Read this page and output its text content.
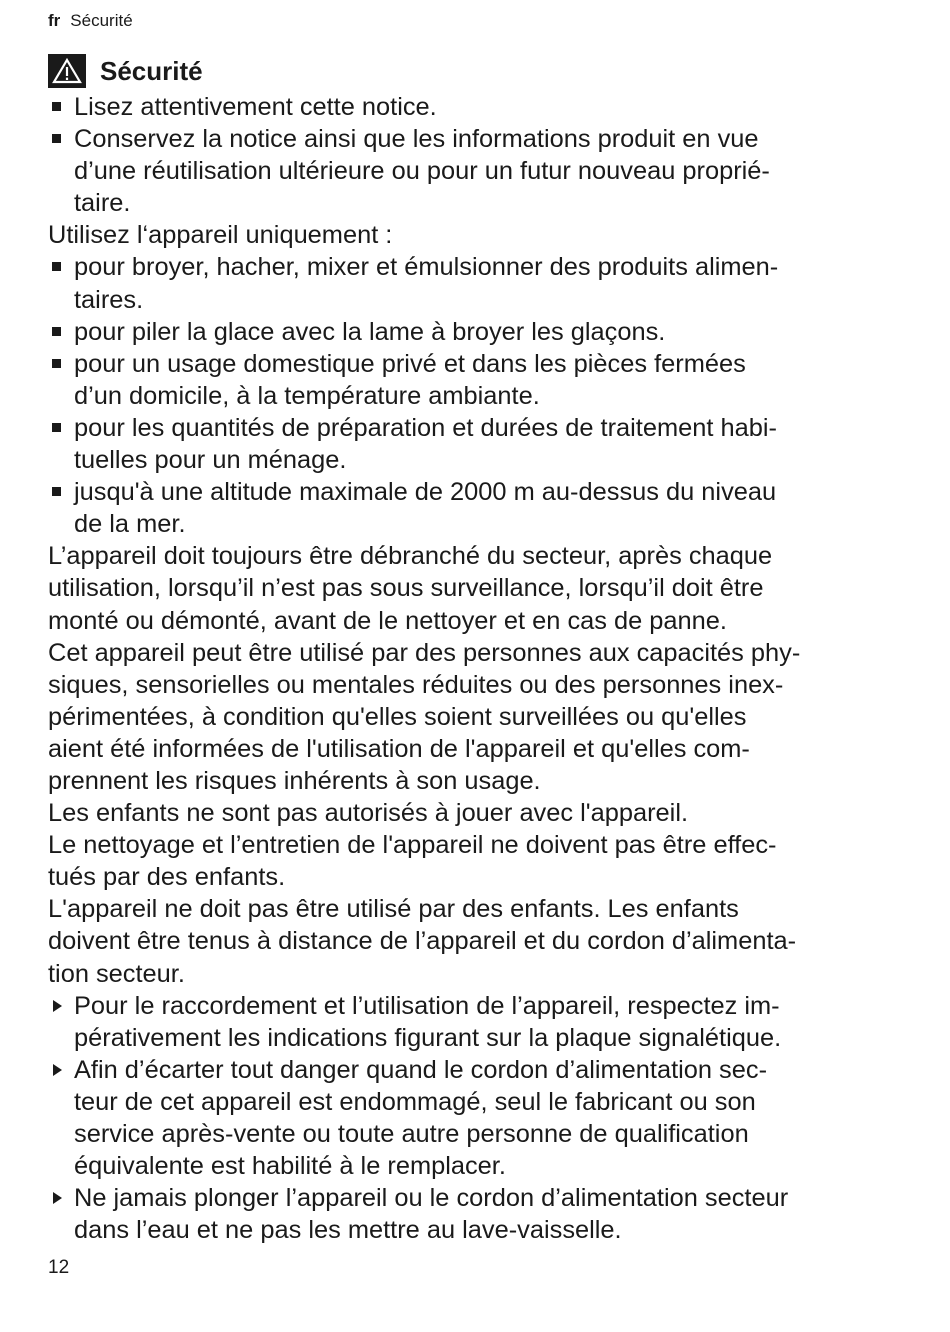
fr Sécurité
Sécurité
Lisez attentivement cette notice.
Conservez la notice ainsi que les informations produit en vue
d’une réutilisation ultérieure ou pour un futur nouveau proprié-
taire.

Utilisez l‘appareil uniquement :

pour broyer, hacher, mixer et émulsionner des produits alimen-
taires.
pour piler la glace avec la lame à broyer les glaçons.
pour un usage domestique privé et dans les pièces fermées
d’un domicile, à la température ambiante.
pour les quantités de préparation et durées de traitement habi-
tuelles pour un ménage.
jusqu'à une altitude maximale de 2000 m au-dessus du niveau
de la mer.
L’appareil doit toujours être débranché du secteur, après chaque
utilisation, lorsqu’il n’est pas sous surveillance, lorsqu’il doit être
monté ou démonté, avant de le nettoyer et en cas de panne.
Cet appareil peut être utilisé par des personnes aux capacités phy-
siques, sensorielles ou mentales réduites ou des personnes inex-
périmentées, à condition qu'elles soient surveillées ou qu'elles
aient été informées de l'utilisation de l'appareil et qu'elles com-
prennent les risques inhérents à son usage.
Les enfants ne sont pas autorisés à jouer avec l'appareil.
Le nettoyage et l’entretien de l'appareil ne doivent pas être effec-
tués par des enfants.
L'appareil ne doit pas être utilisé par des enfants. Les enfants
doivent être tenus à distance de l’appareil et du cordon d’alimenta-
tion secteur.
Pour le raccordement et l’utilisation de l’appareil, respectez im-
pérativement les indications figurant sur la plaque signalétique.
Afin d’écarter tout danger quand le cordon d’alimentation sec-
teur de cet appareil est endommagé, seul le fabricant ou son
service après-vente ou toute autre personne de qualification
équivalente est habilité à le remplacer.
Ne jamais plonger l’appareil ou le cordon d’alimentation secteur
dans l’eau et ne pas les mettre au lave-vaisselle.
12
